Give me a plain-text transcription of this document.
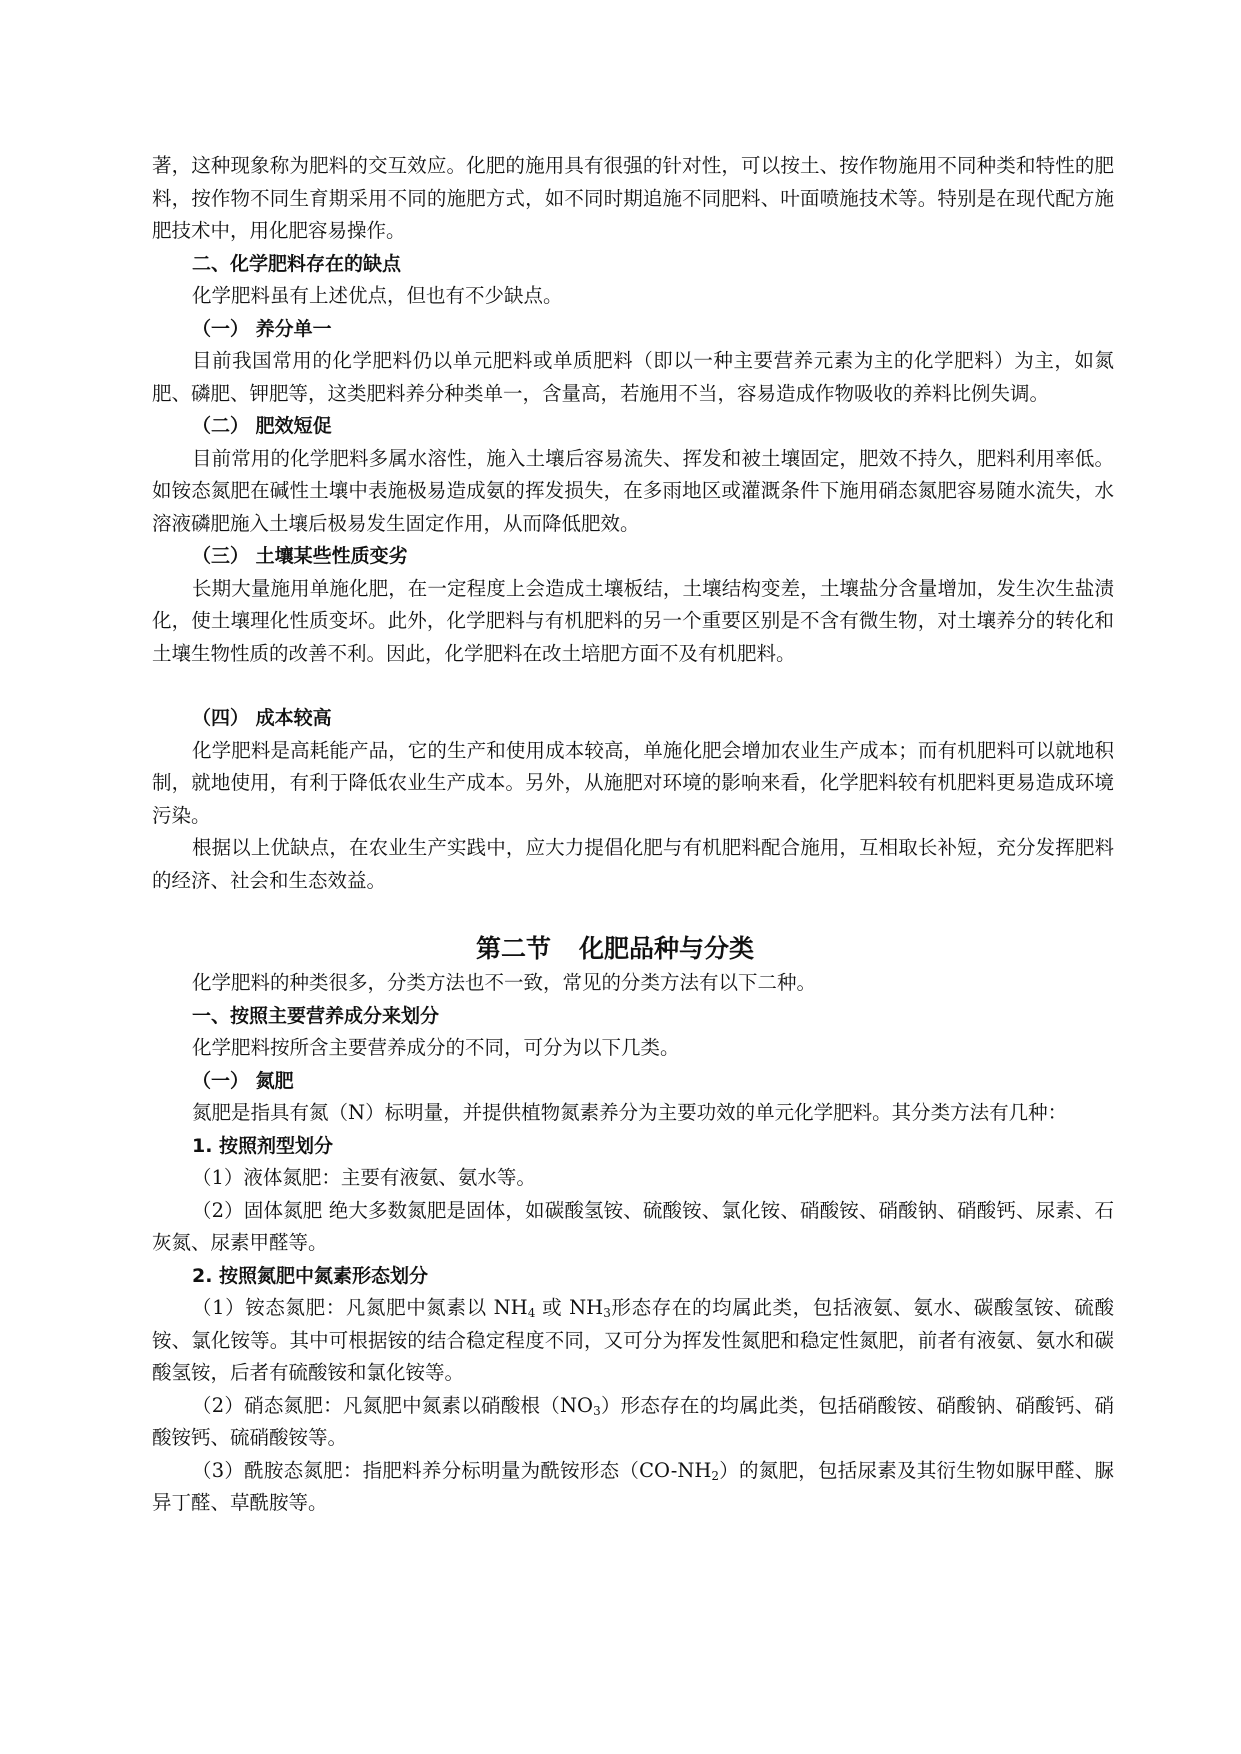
著，这种现象称为肥料的交互效应。化肥的施用具有很强的针对性，可以按土、按作物施用不同种类和特性的肥料，按作物不同生育期采用不同的施肥方式，如不同时期追施不同肥料、叶面喷施技术等。特别是在现代配方施肥技术中，用化肥容易操作。

二、化学肥料存在的缺点

化学肥料虽有上述优点，但也有不少缺点。

（一） 养分单一

目前我国常用的化学肥料仍以单元肥料或单质肥料（即以一种主要营养元素为主的化学肥料）为主，如氮肥、磷肥、钾肥等，这类肥料养分种类单一，含量高，若施用不当，容易造成作物吸收的养料比例失调。

（二） 肥效短促

目前常用的化学肥料多属水溶性，施入土壤后容易流失、挥发和被土壤固定，肥效不持久，肥料利用率低。如铵态氮肥在碱性土壤中表施极易造成氨的挥发损失，在多雨地区或灌溉条件下施用硝态氮肥容易随水流失，水溶液磷肥施入土壤后极易发生固定作用，从而降低肥效。

（三） 土壤某些性质变劣

长期大量施用单施化肥，在一定程度上会造成土壤板结，土壤结构变差，土壤盐分含量增加，发生次生盐渍化，使土壤理化性质变坏。此外，化学肥料与有机肥料的另一个重要区别是不含有微生物，对土壤养分的转化和土壤生物性质的改善不利。因此，化学肥料在改土培肥方面不及有机肥料。

（四） 成本较高

化学肥料是高耗能产品，它的生产和使用成本较高，单施化肥会增加农业生产成本；而有机肥料可以就地积制，就地使用，有利于降低农业生产成本。另外，从施肥对环境的影响来看，化学肥料较有机肥料更易造成环境污染。

根据以上优缺点，在农业生产实践中，应大力提倡化肥与有机肥料配合施用，互相取长补短，充分发挥肥料的经济、社会和生态效益。

第二节 化肥品种与分类

化学肥料的种类很多，分类方法也不一致，常见的分类方法有以下二种。

一、按照主要营养成分来划分

化学肥料按所含主要营养成分的不同，可分为以下几类。

（一） 氮肥

氮肥是指具有氮（N）标明量，并提供植物氮素养分为主要功效的单元化学肥料。其分类方法有几种：

1. 按照剂型划分

（1）液体氮肥：主要有液氨、氨水等。

（2）固体氮肥 绝大多数氮肥是固体，如碳酸氢铵、硫酸铵、氯化铵、硝酸铵、硝酸钠、硝酸钙、尿素、石灰氮、尿素甲醛等。

2. 按照氮肥中氮素形态划分

（1）铵态氮肥：凡氮肥中氮素以 $NH_4$ 或 $NH_3$形态存在的均属此类，包括液氨、氨水、碳酸氢铵、硫酸铵、氯化铵等。其中可根据铵的结合稳定程度不同，又可分为挥发性氮肥和稳定性氮肥，前者有液氨、氨水和碳酸氢铵，后者有硫酸铵和氯化铵等。

（2）硝态氮肥：凡氮肥中氮素以硝酸根$(NO_3)$形态存在的均属此类，包括硝酸铵、硝酸钠、硝酸钙、硝酸铵钙、硫硝酸铵等。

（3）酰胺态氮肥：指肥料养分标明量为酰铵形态$(CO-NH_2)$的氮肥，包括尿素及其衍生物如脲甲醛、脲异丁醛、草酰胺等。
